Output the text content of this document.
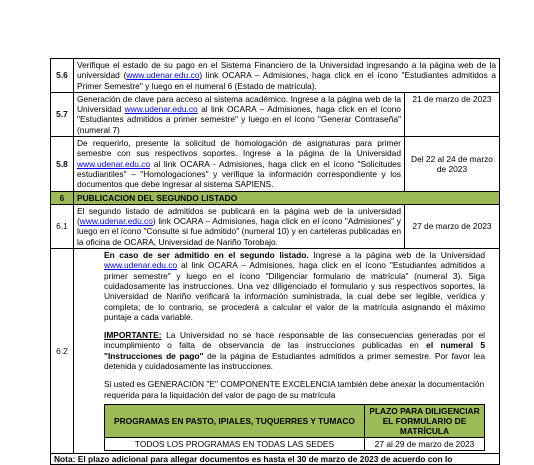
5.6	Verifique el estado de su pago en el Sistema Financiero de la Universidad ingresando a la página web de la universidad (www.udenar.edu.co) link OCARA – Admisiones, haga click en el ícono "Estudiantes admitidos a Primer Semestre" y luego en el numeral 6 (Estado de matrícula).
5.7	Generación de clave para acceso al sistema académico. Ingrese a la página web de la Universidad www.udenar.edu.co al link OCARA – Admisiones, haga click en el ícono "Estudiantes admitidos a primer semestre" y luego en el ícono "Generar Contraseña" (numeral 7)	21 de marzo de 2023
5.8	De requerirlo, presente la solicitud de homologación de asignaturas para primer semestre con sus respectivos soportes. Ingrese a la página de la Universidad www.udenar.edu.co al link OCARA - Admisiones, haga click en el ícono "Solicitudes estudiantiles" – "Homologaciones" y verifique la información correspondiente y los documentos que debe ingresar al sistema SAPIENS.	Del 22 al 24 de marzo de 2023
6	PUBLICACION DEL SEGUNDO LISTADO
6.1	El segundo listado de admitidos se publicará en la página web de la universidad (www.udenar.edu.co) link OCARA – Admisiones, haga click en el ícono "Admisiones" y luego en el ícono "Consulte si fue admitido" (numeral 10) y en carteleras publicadas en la oficina de OCARA, Universidad de Nariño Torobajo.	27 de marzo de 2023
6.2	

En caso de ser admitido en el segundo listado. Ingrese a la página web de la Universidad www.udenar.edu.co al link OCARA – Admisiones, haga click en el ícono "Estudiantes admitidos a primer semestre" y luego en el ícono "Diligenciar formulario de matrícula" (numeral 3). Siga cuidadosamente las instrucciones. Una vez diligenciado el formulario y sus respectivos soportes, la Universidad de Nariño verificará la información suministrada, la cual debe ser legible, verídica y completa; de lo contrario, se procederá a calcular el valor de la matrícula asignando el máximo puntaje a cada variable.

IMPORTANTE: La Universidad no se hace responsable de las consecuencias generadas por el incumplimiento o falta de observancia de las instrucciones publicadas en el numeral 5 "Instrucciones de pago" de la página de Estudiantes admitidos a primer semestre. Por favor lea detenida y cuidadosamente las instrucciones.

Si usted es GENERACIÓN "E" COMPONENTE EXCELENCIA también debe anexar la documentación requerida para la liquidación del valor de pago de su matrícula

PROGRAMAS EN PASTO, IPIALES, TUQUERRES Y TUMACO	PLAZO PARA DILIGENCIAR EL FORMULARIO DE MATRÍCULA
TODOS LOS PROGRAMAS EN TODAS LAS SEDES	27 al 29 de marzo de 2023

Nota: El plazo adicional para allegar documentos es hasta el 30 de marzo de 2023 de acuerdo con lo
